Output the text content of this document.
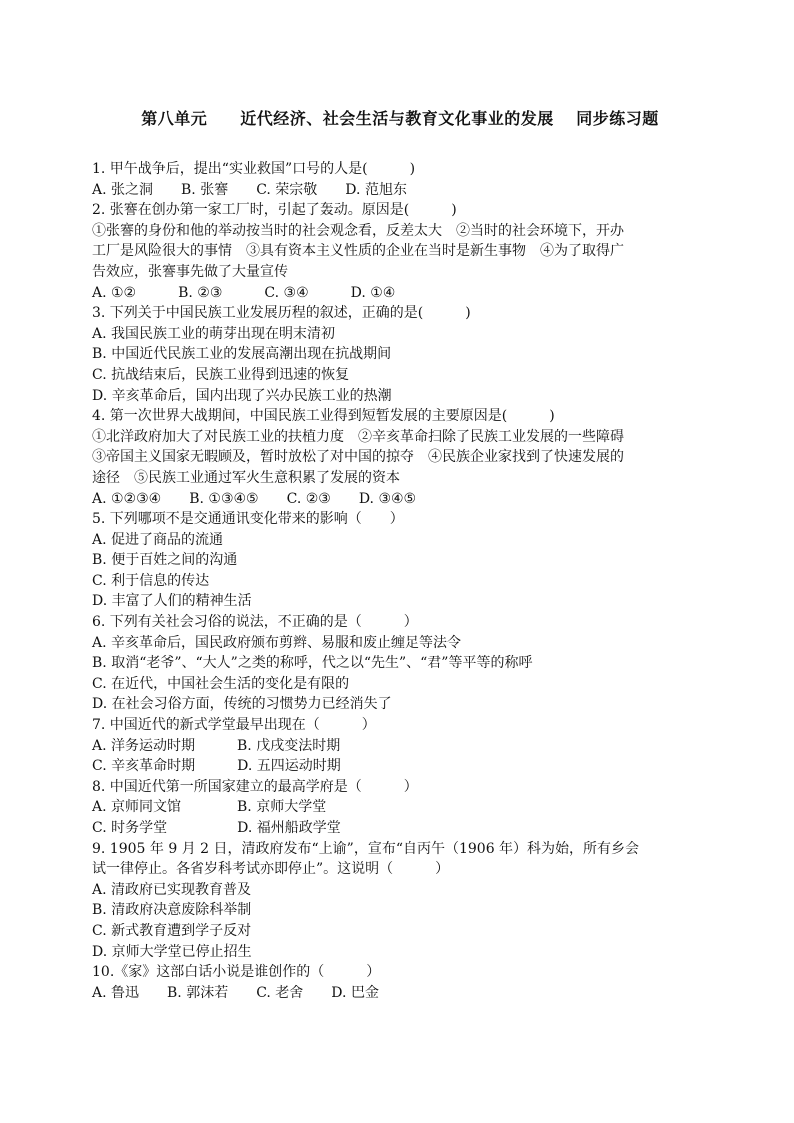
第八单元　　近代经济、社会生活与教育文化事业的发展　 同步练习题
1. 甲午战争后，提出“实业救国”口号的人是(　　　)
A. 张之洞　　B. 张謇　　C. 荣宗敬　　D. 范旭东
2. 张謇在创办第一家工厂时，引起了轰动。原因是(　　　)
①张謇的身份和他的举动按当时的社会观念看，反差太大　②当时的社会环境下，开办
工厂是风险很大的事情　③具有资本主义性质的企业在当时是新生事物　④为了取得广
告效应，张謇事先做了大量宣传
A. ①②　　　B. ②③　　　C. ③④　　　D. ①④
3. 下列关于中国民族工业发展历程的叙述，正确的是(　　　)
A. 我国民族工业的萌芽出现在明末清初
B. 中国近代民族工业的发展高潮出现在抗战期间
C. 抗战结束后，民族工业得到迅速的恢复
D. 辛亥革命后，国内出现了兴办民族工业的热潮
4. 第一次世界大战期间，中国民族工业得到短暂发展的主要原因是(　　　)
①北洋政府加大了对民族工业的扶植力度　②辛亥革命扫除了民族工业发展的一些障碍
③帝国主义国家无暇顾及，暂时放松了对中国的掠夺　④民族企业家找到了快速发展的
途径　⑤民族工业通过军火生意积累了发展的资本
A. ①②③④　　B. ①③④⑤　　C. ②③　　D. ③④⑤
5. 下列哪项不是交通通讯变化带来的影响（　　）
A. 促进了商品的流通
B. 便于百姓之间的沟通
C. 利于信息的传达
D. 丰富了人们的精神生活
6. 下列有关社会习俗的说法，不正确的是（　　　）
A. 辛亥革命后，国民政府颁布剪辫、易服和废止缠足等法令
B. 取消“老爷”、“大人”之类的称呼，代之以“先生”、“君”等平等的称呼
C. 在近代，中国社会生活的变化是有限的
D. 在社会习俗方面，传统的习惯势力已经消失了
7. 中国近代的新式学堂最早出现在（　　　）
A. 洋务运动时期　　　B. 戊戌变法时期
C. 辛亥革命时期　　　D. 五四运动时期
8. 中国近代第一所国家建立的最高学府是（　　　）
A. 京师同文馆　　　　B. 京师大学堂
C. 时务学堂　　　　　D. 福州船政学堂
9. 1905 年 9 月 2 日，清政府发布“上谕”，宣布“自丙午（1906 年）科为始，所有乡会
试一律停止。各省岁科考试亦即停止”。这说明（　　　）
A. 清政府已实现教育普及
B. 清政府决意废除科举制
C. 新式教育遭到学子反对
D. 京师大学堂已停止招生
10.《家》这部白话小说是谁创作的（　　　）
A. 鲁迅　　B. 郭沫若　　C. 老舍　　D. 巴金
